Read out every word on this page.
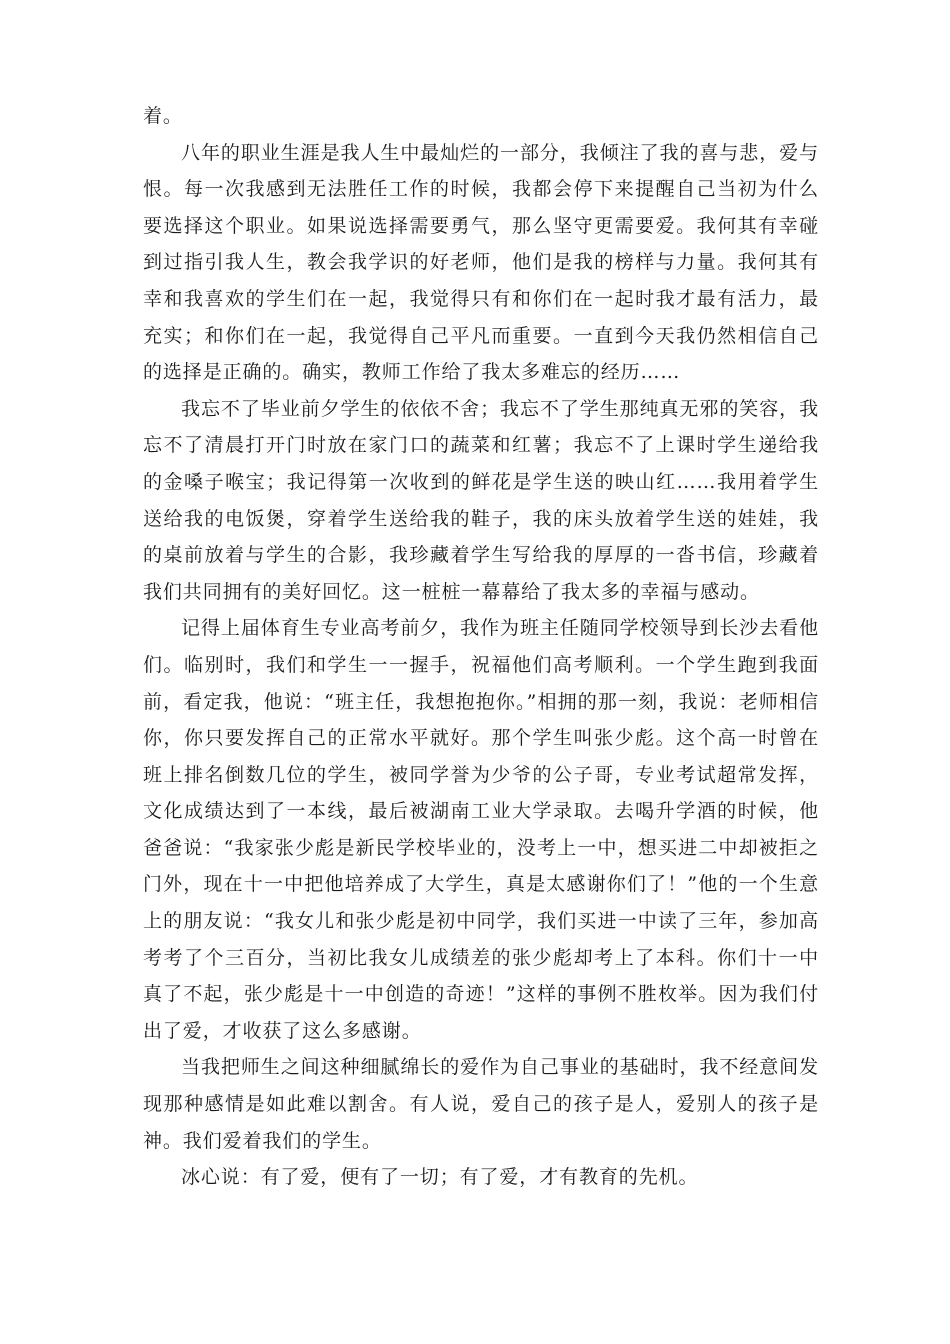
着。

八年的职业生涯是我人生中最灿烂的一部分，我倾注了我的喜与悲，爱与恨。每一次我感到无法胜任工作的时候，我都会停下来提醒自己当初为什么要选择这个职业。如果说选择需要勇气，那么坚守更需要爱。我何其有幸碰到过指引我人生，教会我学识的好老师，他们是我的榜样与力量。我何其有幸和我喜欢的学生们在一起，我觉得只有和你们在一起时我才最有活力，最充实；和你们在一起，我觉得自己平凡而重要。一直到今天我仍然相信自己的选择是正确的。确实，教师工作给了我太多难忘的经历……

我忘不了毕业前夕学生的依依不舍；我忘不了学生那纯真无邪的笑容，我忘不了清晨打开门时放在家门口的蔬菜和红薯；我忘不了上课时学生递给我的金嗓子喉宝；我记得第一次收到的鲜花是学生送的映山红……我用着学生送给我的电饭煲，穿着学生送给我的鞋子，我的床头放着学生送的娃娃，我的桌前放着与学生的合影，我珍藏着学生写给我的厚厚的一沓书信，珍藏着我们共同拥有的美好回忆。这一桩桩一幕幕给了我太多的幸福与感动。

记得上届体育生专业高考前夕，我作为班主任随同学校领导到长沙去看他们。临别时，我们和学生一一握手，祝福他们高考顺利。一个学生跑到我面前，看定我，他说：“班主任，我想抱抱你。”相拥的那一刻，我说：老师相信你，你只要发挥自己的正常水平就好。那个学生叫张少彪。这个高一时曾在班上排名倒数几位的学生，被同学誉为少爷的公子哥，专业考试超常发挥，文化成绩达到了一本线，最后被湖南工业大学录取。去喝升学酒的时候，他爸爸说：“我家张少彪是新民学校毕业的，没考上一中，想买进二中却被拒之门外，现在十一中把他培养成了大学生，真是太感谢你们了！”他的一个生意上的朋友说：“我女儿和张少彪是初中同学，我们买进一中读了三年，参加高考考了个三百分，当初比我女儿成绩差的张少彪却考上了本科。你们十一中真了不起，张少彪是十一中创造的奇迹！”这样的事例不胜枚举。因为我们付出了爱，才收获了这么多感谢。

当我把师生之间这种细腻绵长的爱作为自己事业的基础时，我不经意间发现那种感情是如此难以割舍。有人说，爱自己的孩子是人，爱别人的孩子是神。我们爱着我们的学生。

冰心说：有了爱，便有了一切；有了爱，才有教育的先机。
